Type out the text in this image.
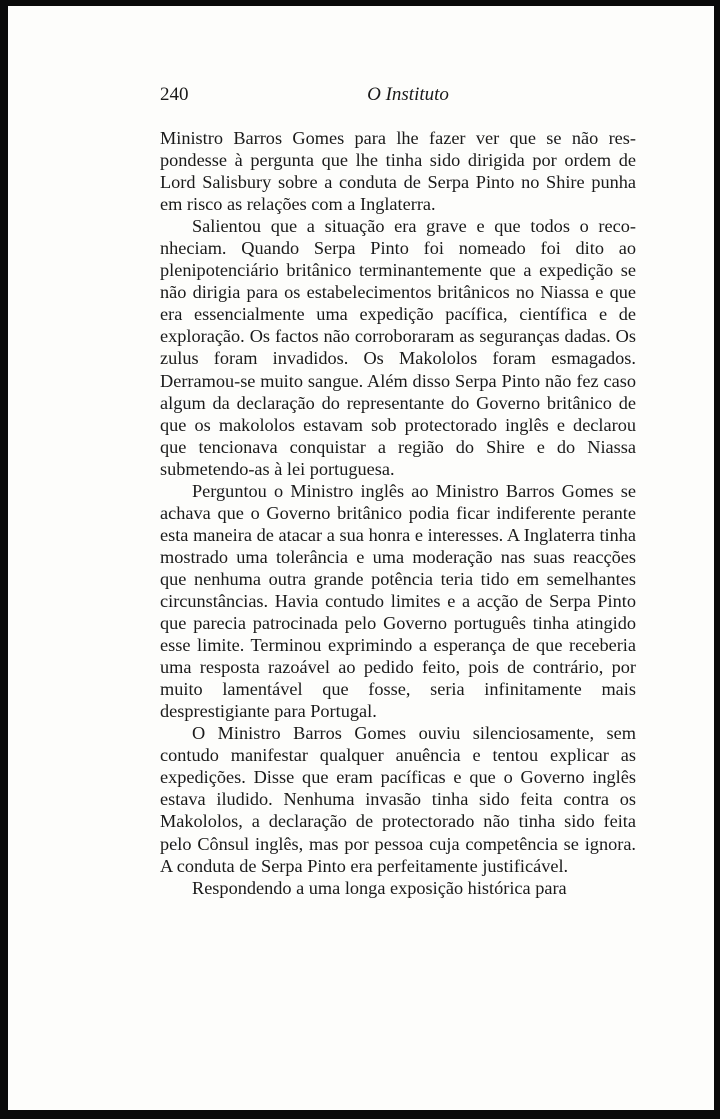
240	O Instituto

Ministro Barros Gomes para lhe fazer ver que se não respondesse à pergunta que lhe tinha sido dirigida por ordem de Lord Salisbury sobre a conduta de Serpa Pinto no Shire punha em risco as relações com a Inglaterra.

Salientou que a situação era grave e que todos o reconheciam. Quando Serpa Pinto foi nomeado foi dito ao plenipotenciário britânico terminantemente que a expedição se não dirigia para os estabelecimentos britânicos no Niassa e que era essencialmente uma expedição pacífica, científica e de exploração. Os factos não corroboraram as seguranças dadas. Os zulus foram invadidos. Os Makololos foram esmagados. Derramou-se muito sangue. Além disso Serpa Pinto não fez caso algum da declaração do representante do Governo britânico de que os makololos estavam sob protectorado inglês e declarou que tencionava conquistar a região do Shire e do Niassa submetendo-as à lei portuguesa.

Perguntou o Ministro inglês ao Ministro Barros Gomes se achava que o Governo britânico podia ficar indiferente perante esta maneira de atacar a sua honra e interesses. A Inglaterra tinha mostrado uma tolerância e uma moderação nas suas reacções que nenhuma outra grande potência teria tido em semelhantes circunstâncias. Havia contudo limites e a acção de Serpa Pinto que parecia patrocinada pelo Governo português tinha atingido esse limite. Terminou exprimindo a esperança de que receberia uma resposta razoável ao pedido feito, pois de contrário, por muito lamentável que fosse, seria infinitamente mais desprestigiante para Portugal.

O Ministro Barros Gomes ouviu silenciosamente, sem contudo manifestar qualquer anuência e tentou explicar as expedições. Disse que eram pacíficas e que o Governo inglês estava iludido. Nenhuma invasão tinha sido feita contra os Makololos, a declaração de protectorado não tinha sido feita pelo Cônsul inglês, mas por pessoa cuja competência se ignora. A conduta de Serpa Pinto era perfeitamente justificável.

Respondendo a uma longa exposição histórica para
